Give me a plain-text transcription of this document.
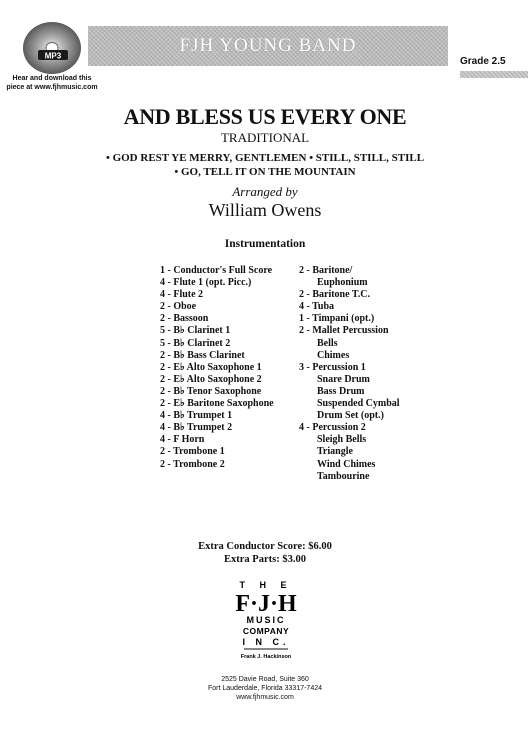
MP3
Hear and download this
piece at www.fjhmusic.com
FJH YOUNG BAND
Grade 2.5
AND BLESS US EVERY ONE
TRADITIONAL
• GOD REST YE MERRY, GENTLEMEN • STILL, STILL, STILL
• GO, TELL IT ON THE MOUNTAIN
Arranged by
William Owens
Instrumentation
1 - Conductor's Full Score
4 - Flute 1 (opt. Picc.)
4 - Flute 2
2 - Oboe
2 - Bassoon
5 - B♭ Clarinet 1
5 - B♭ Clarinet 2
2 - B♭ Bass Clarinet
2 - E♭ Alto Saxophone 1
2 - E♭ Alto Saxophone 2
2 - B♭ Tenor Saxophone
2 - E♭ Baritone Saxophone
4 - B♭ Trumpet 1
4 - B♭ Trumpet 2
4 - F Horn
2 - Trombone 1
2 - Trombone 2
2 - Baritone/
Euphonium
2 - Baritone T.C.
4 - Tuba
1 - Timpani (opt.)
2 - Mallet Percussion
Bells
Chimes
3 - Percussion 1
Snare Drum
Bass Drum
Suspended Cymbal
Drum Set (opt.)
4 - Percussion 2
Sleigh Bells
Triangle
Wind Chimes
Tambourine
Extra Conductor Score: $6.00
Extra Parts: $3.00
T H E
F·J·H
MUSIC
COMPANY
I N C.
Frank J. Hackinson
2525 Davie Road, Suite 360
Fort Lauderdale, Florida 33317-7424
www.fjhmusic.com
